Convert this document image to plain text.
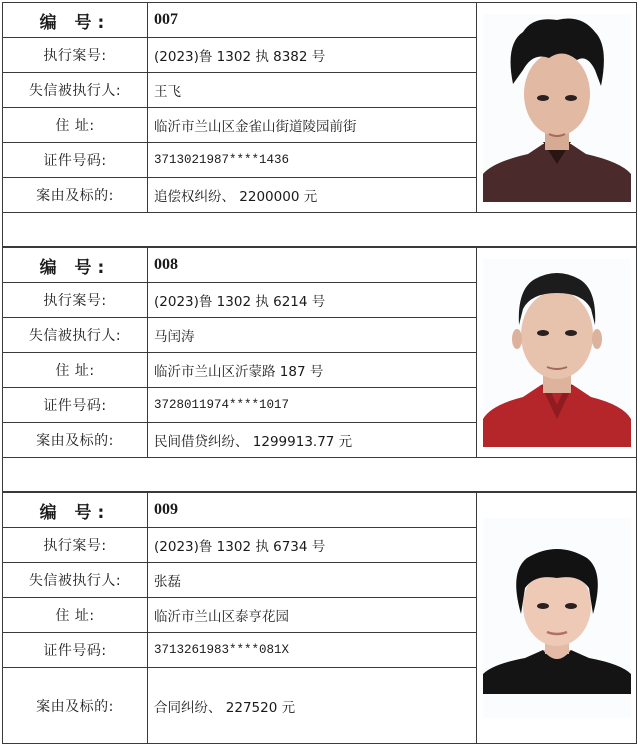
编 号:	007	

执行案号:	(2023)鲁 1302 执 8382 号	
失信被执行人:	王飞	
住 址:	临沂市兰山区金雀山街道陵园前街	
证件号码:	3713021987****1436	
案由及标的:	追偿权纠纷、 2200000 元	

编 号:	008	

执行案号:	(2023)鲁 1302 执 6214 号	
失信被执行人:	马闰涛	
住 址:	临沂市兰山区沂蒙路 187 号	
证件号码:	3728011974****1017	
案由及标的:	民间借贷纠纷、 1299913.77 元	

编 号:	009	

执行案号:	(2023)鲁 1302 执 6734 号	
失信被执行人:	张磊	
住 址:	临沂市兰山区泰亨花园	
证件号码:	3713261983****081X	
案由及标的:	合同纠纷、 227520 元	
